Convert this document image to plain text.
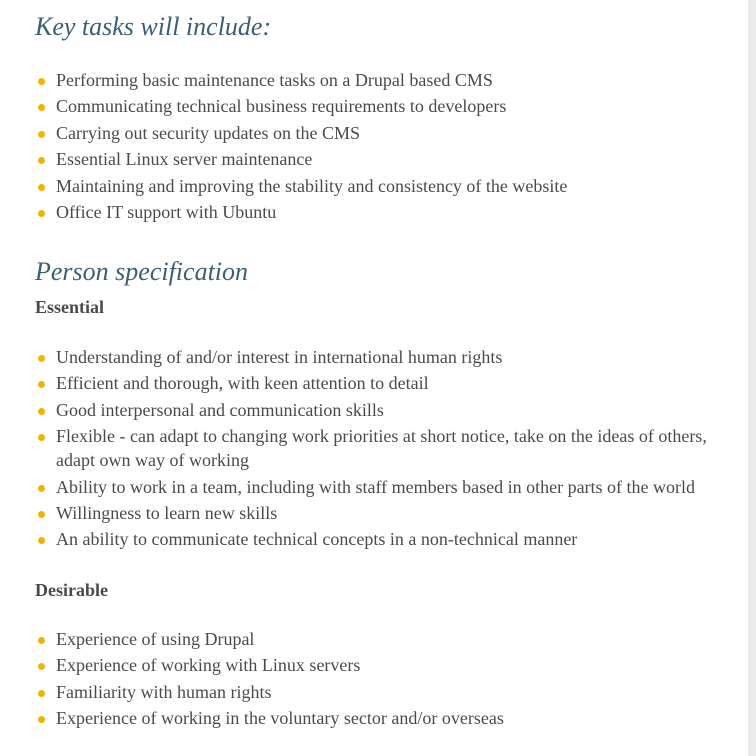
Key tasks will include:
Performing basic maintenance tasks on a Drupal based CMS
Communicating technical business requirements to developers
Carrying out security updates on the CMS
Essential Linux server maintenance
Maintaining and improving the stability and consistency of the website
Office IT support with Ubuntu
Person specification
Essential
Understanding of and/or interest in international human rights
Efficient and thorough, with keen attention to detail
Good interpersonal and communication skills
Flexible - can adapt to changing work priorities at short notice, take on the ideas of others, adapt own way of working
Ability to work in a team, including with staff members based in other parts of the world
Willingness to learn new skills
An ability to communicate technical concepts in a non-technical manner
Desirable
Experience of using Drupal
Experience of working with Linux servers
Familiarity with human rights
Experience of working in the voluntary sector and/or overseas
